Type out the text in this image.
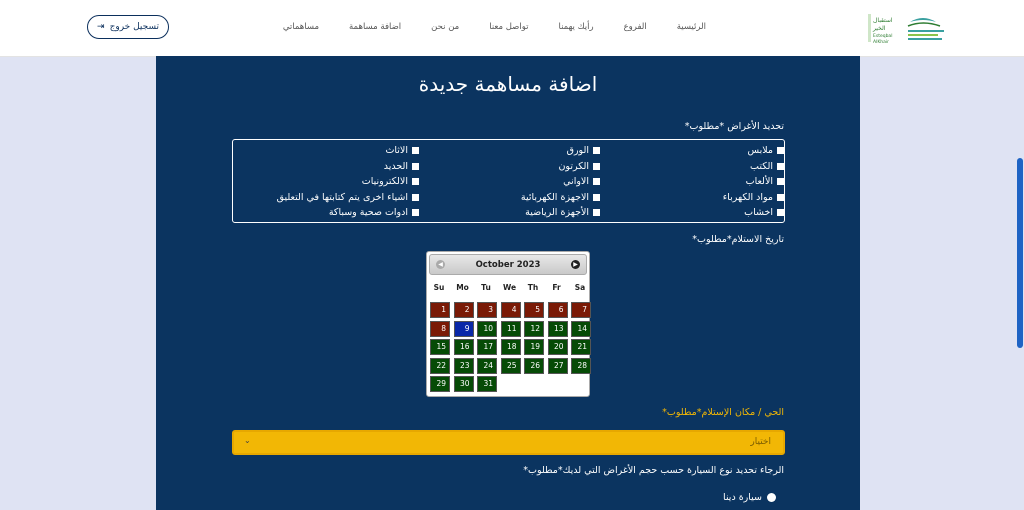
استقبال
الخير
Esteqbal
AlKhair
الرئيسية
الفروع
رأيك يهمنا
تواصل معنا
من نحن
اضافة مساهمة
مساهماتي
تسجيل خروج
⇥
اضافة مساهمة جديدة
تحديد الأغراض *مطلوب*
ملابس
الورق
الاثاث
الكتب
الكرتون
الحديد
الألعاب
الاواني
الالكترونيات
مواد الكهرباء
الاجهزة الكهربائية
اشياء اخرى يتم كتابتها في التعليق
اخشاب
الأجهزة الرياضية
ادوات صحية وسباكة
تاريخ الاستلام*مطلوب*
◀	October 2023	▶
Su	Mo	Tu	We	Th	Fr	Sa
1	2	3	4	5	6	7
8	9	10	11	12	13	14
15	16	17	18	19	20	21
22	23	24	25	26	27	28
29	30	31
الحي / مكان الإستلام*مطلوب*
اختيار
⌄
الرجاء تحديد نوع السيارة حسب حجم الأغراض التي لديك*مطلوب*
سيارة دينا
